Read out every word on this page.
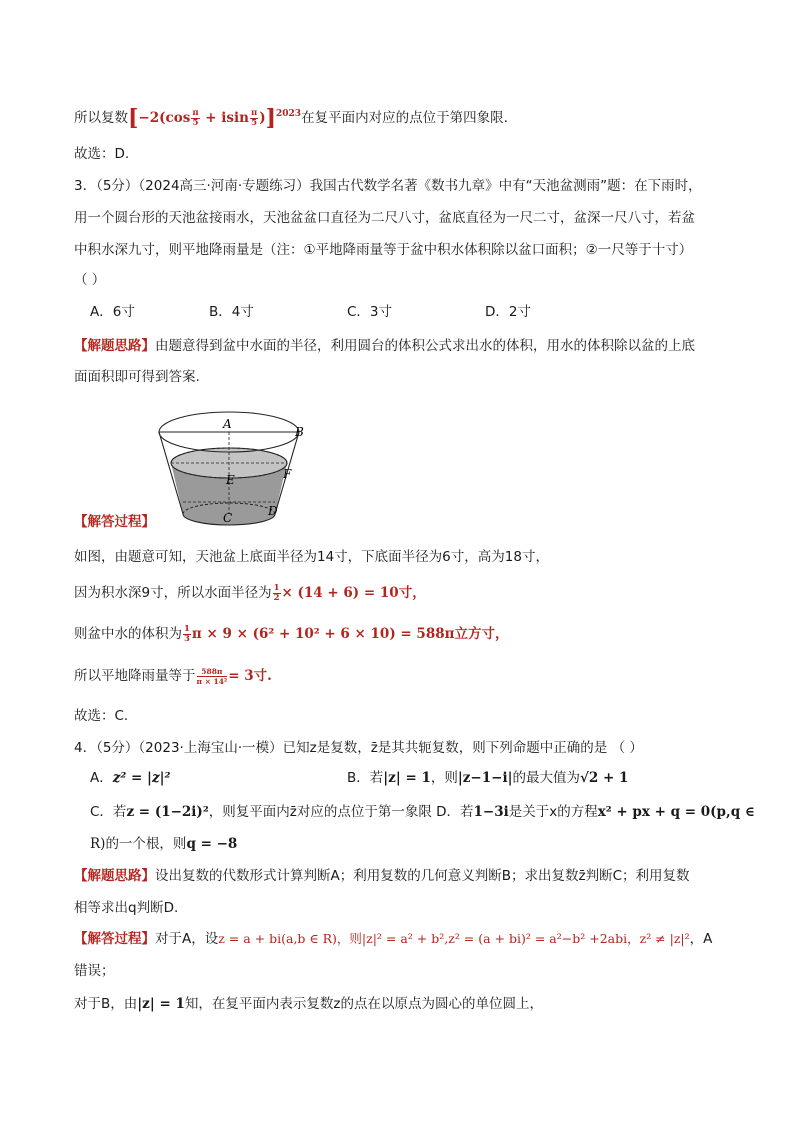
所以复数$[-2(\cos \frac{\pi}{5} + isin \frac{\pi}{5} )]^{2023}$在复平面内对应的点位于第四象限.
故选：D.
3．（5分）（2024高三·河南·专题练习）我国古代数学名著《数书九章》中有“天池盆测雨”题：在下雨时，
用一个圆台形的天池盆接雨水，天池盆盆口直径为二尺八寸，盆底直径为一尺二寸，盆深一尺八寸，若盆
中积水深九寸，则平地降雨量是（注：①平地降雨量等于盆中积水体积除以盆口面积；②一尺等于十寸）
（ ）
A．6寸	B．4寸	C．3寸	D．2寸
【解题思路】由题意得到盆中水面的半径，利用圆台的体积公式求出水的体积，用水的体积除以盆的上底
面面积即可得到答案.
A
B
F
E
C	D
【解答过程】
如图，由题意可知，天池盆上底面半径为14寸，下底面半径为6寸，高为18寸，
因为积水深9寸，所以水面半径为 $\frac{1}{2} \times (14 + 6) = 10$寸，
则盆中水的体积为 $\frac{1}{3}$ π × 9 × (6² + 10² + 6 × 10) = 588π立方寸，
所以平地降雨量等于 $\frac{588\pi}{\text{π × 14²}} = 3$寸.
故选：C.
4．（5分）（2023·上海宝山·一模）已知z是复数，z̄是其共轭复数，则下列命题中正确的是 （ ）
A．z² = |z|²	B．若|z| = 1，则|z−1−i|的最大值为√2 + 1
C．若z = (1−2i)²，则复平面内z̄对应的点位于第一象限 D．若1−3i是关于x的方程x² + px + q = 0(p,q ∈
R)的一个根，则q = −8
【解题思路】设出复数的代数形式计算判断A；利用复数的几何意义判断B；求出复数z̄判断C；利用复数
相等求出q判断D.
【解答过程】对于A，设z = a + bi(a,b ∈ R)，则|z|² = a² + b²,z² = (a + bi)² = a²−b² +2abi，z² ≠ |z|²，A
错误；
对于B，由|z| = 1知，在复平面内表示复数z的点在以原点为圆心的单位圆上，
